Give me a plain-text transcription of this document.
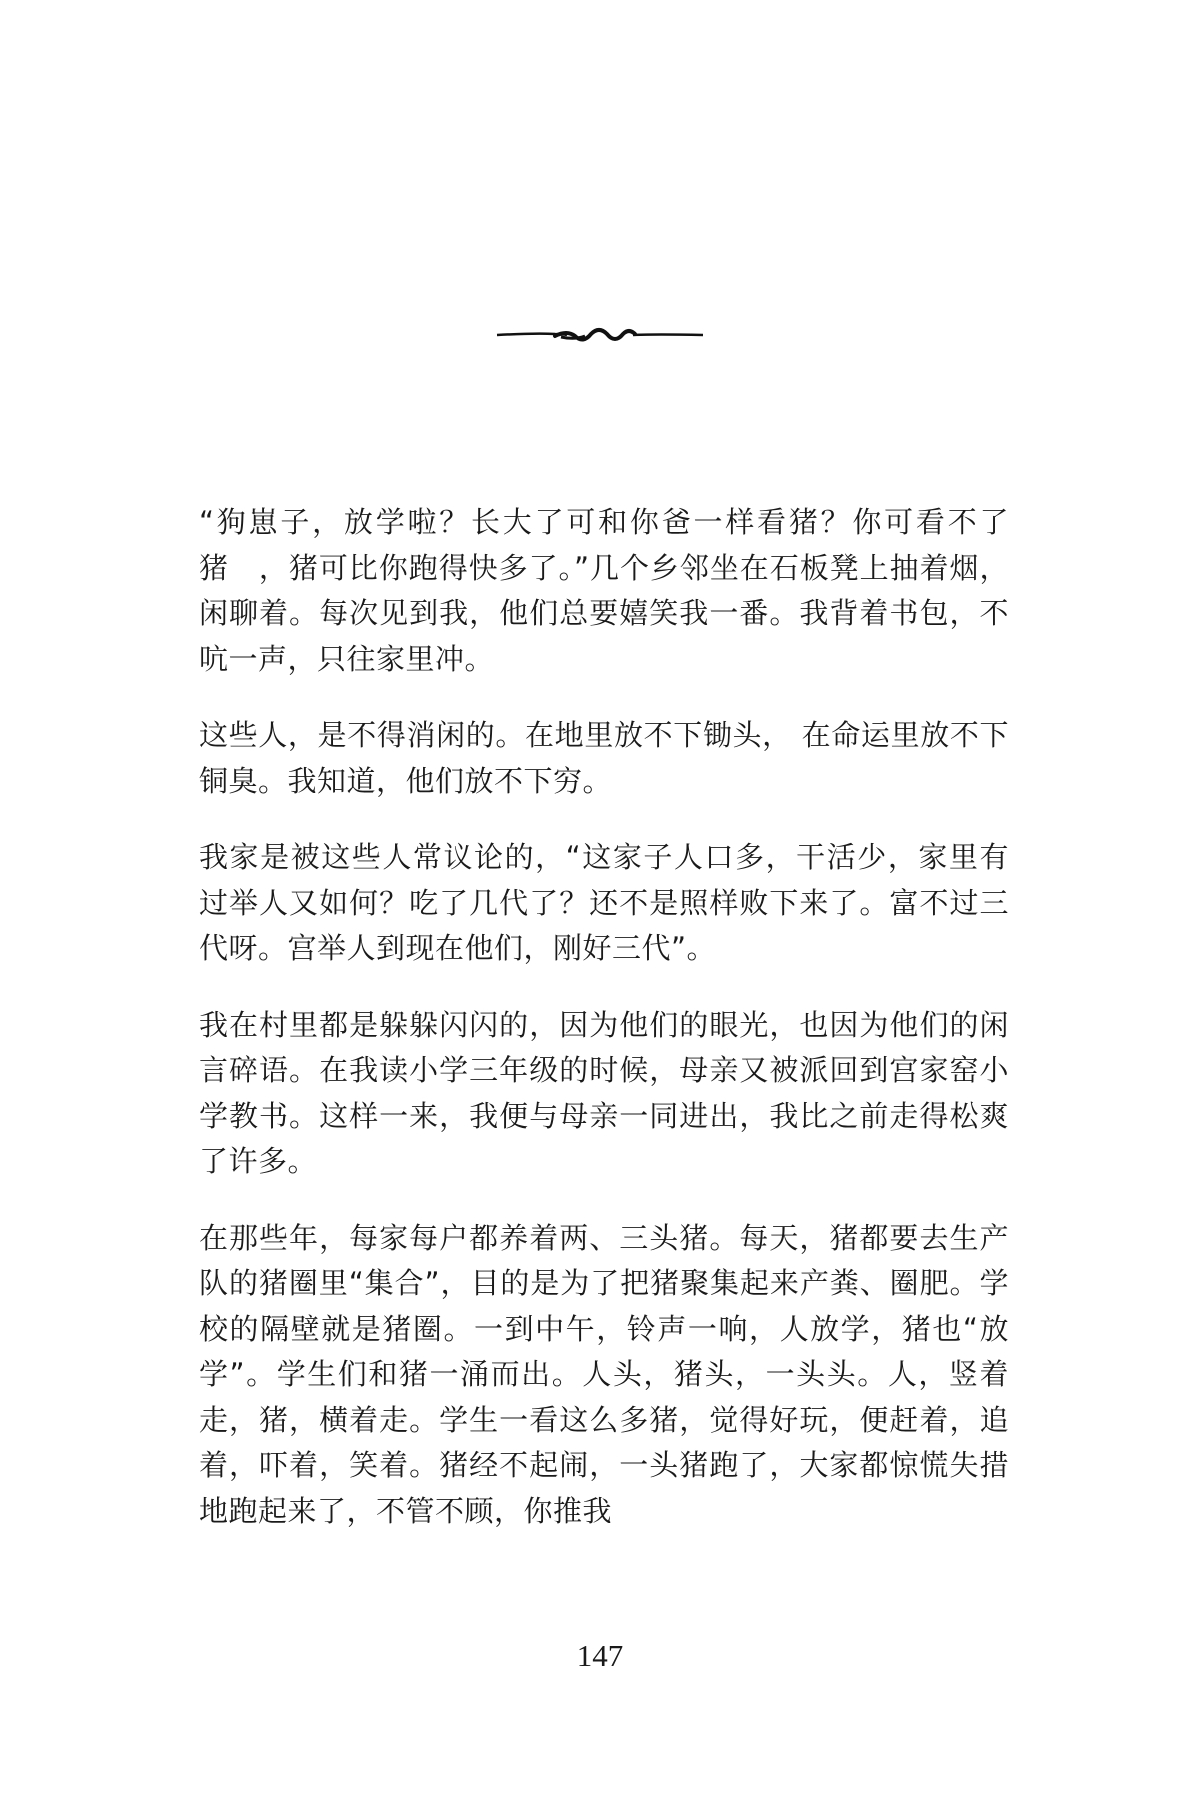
“狗崽子，放学啦？长大了可和你爸一样看猪？你可看不了猪　，猪可比你跑得快多了。”几个乡邻坐在石板凳上抽着烟，闲聊着。每次见到我，他们总要嬉笑我一番。我背着书包，不吭一声，只往家里冲。

这些人，是不得消闲的。在地里放不下锄头， 在命运里放不下铜臭。我知道，他们放不下穷。

我家是被这些人常议论的，“这家子人口多，干活少，家里有过举人又如何？吃了几代了？还不是照样败下来了。富不过三代呀。宫举人到现在他们，刚好三代”。

我在村里都是躲躲闪闪的，因为他们的眼光，也因为他们的闲言碎语。在我读小学三年级的时候，母亲又被派回到宫家窑小学教书。这样一来，我便与母亲一同进出，我比之前走得松爽了许多。

在那些年，每家每户都养着两、三头猪。每天，猪都要去生产队的猪圈里“集合”，目的是为了把猪聚集起来产粪、圈肥。学校的隔壁就是猪圈。一到中午，铃声一响，人放学，猪也“放学”。学生们和猪一涌而出。人头，猪头，一头头。人，竖着走，猪，横着走。学生一看这么多猪，觉得好玩，便赶着，追着，吓着，笑着。猪经不起闹，一头猪跑了，大家都惊慌失措地跑起来了，不管不顾，你推我

147
